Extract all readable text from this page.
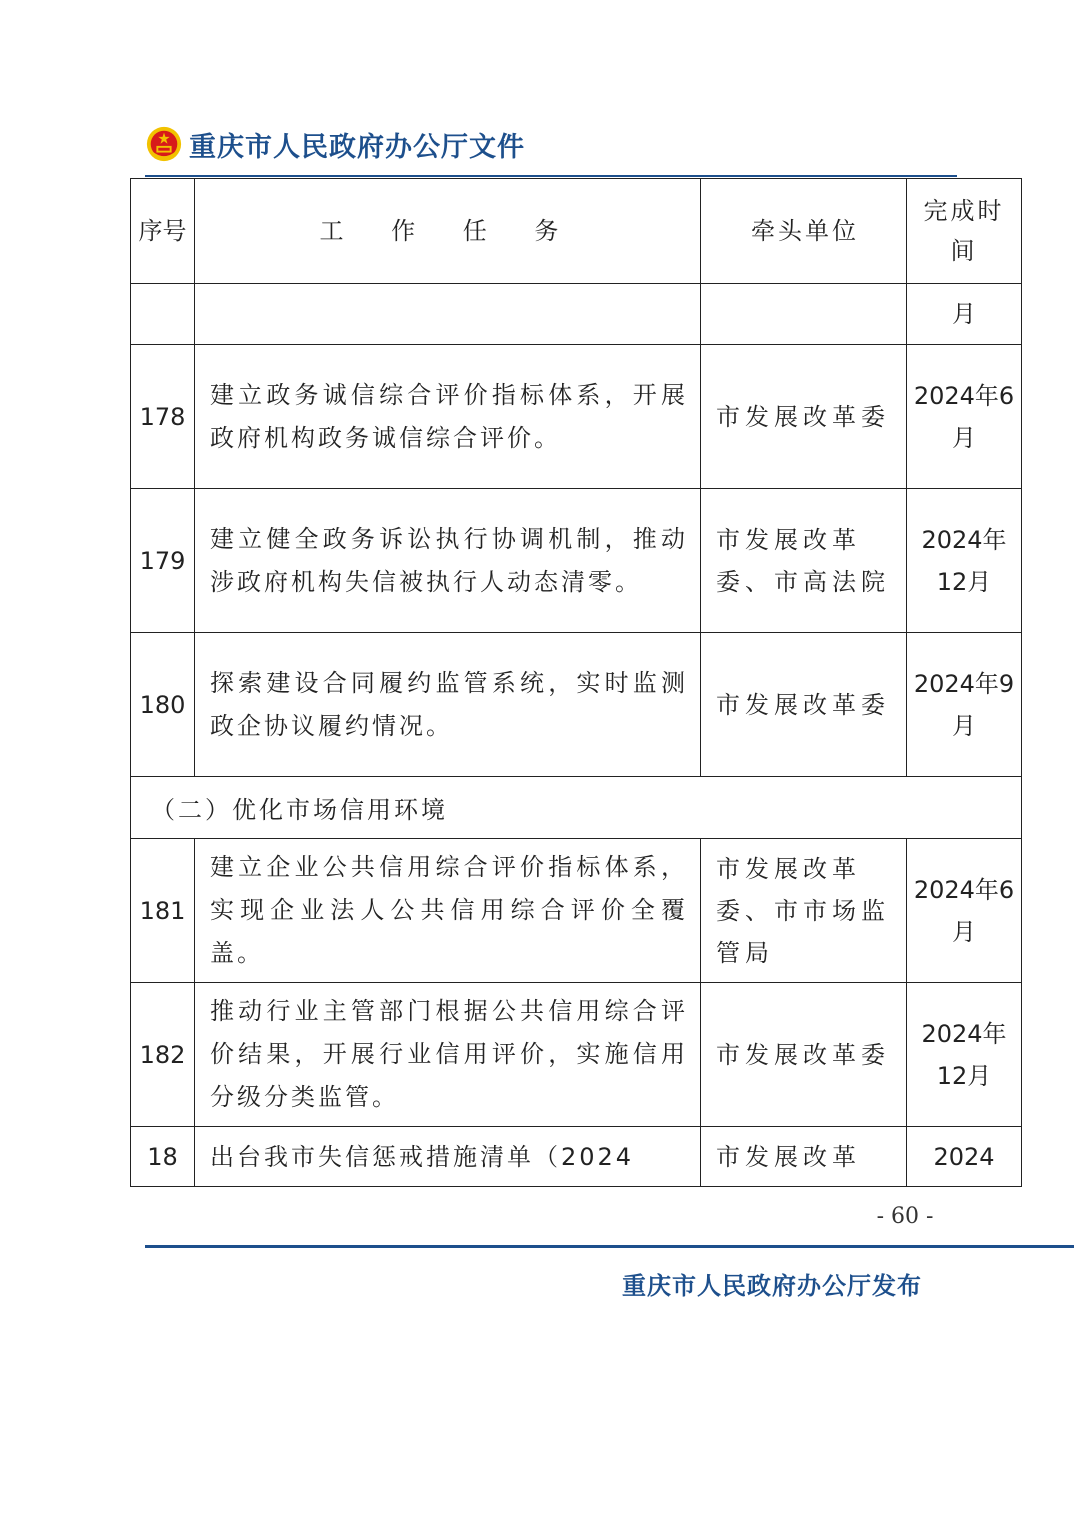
重庆市人民政府办公厅文件
序号	工 作 任 务	牵头单位	完成时间
			月
178	建立政务诚信综合评价指标体系，开展政府机构政务诚信综合评价。	市发展改革委	2024年6月
179	建立健全政务诉讼执行协调机制，推动涉政府机构失信被执行人动态清零。	市发展改革委、市高法院	2024年12月
180	探索建设合同履约监管系统，实时监测政企协议履约情况。	市发展改革委	2024年9月
（二）优化市场信用环境			
181	建立企业公共信用综合评价指标体系，实现企业法人公共信用综合评价全覆盖。	市发展改革委、市市场监管局	2024年6月
182	推动行业主管部门根据公共信用综合评价结果，开展行业信用评价，实施信用分级分类监管。	市发展改革委	2024年12月

18	出台我市失信惩戒措施清单（2024	市发展改革	2024
- 60 -
重庆市人民政府办公厅发布
